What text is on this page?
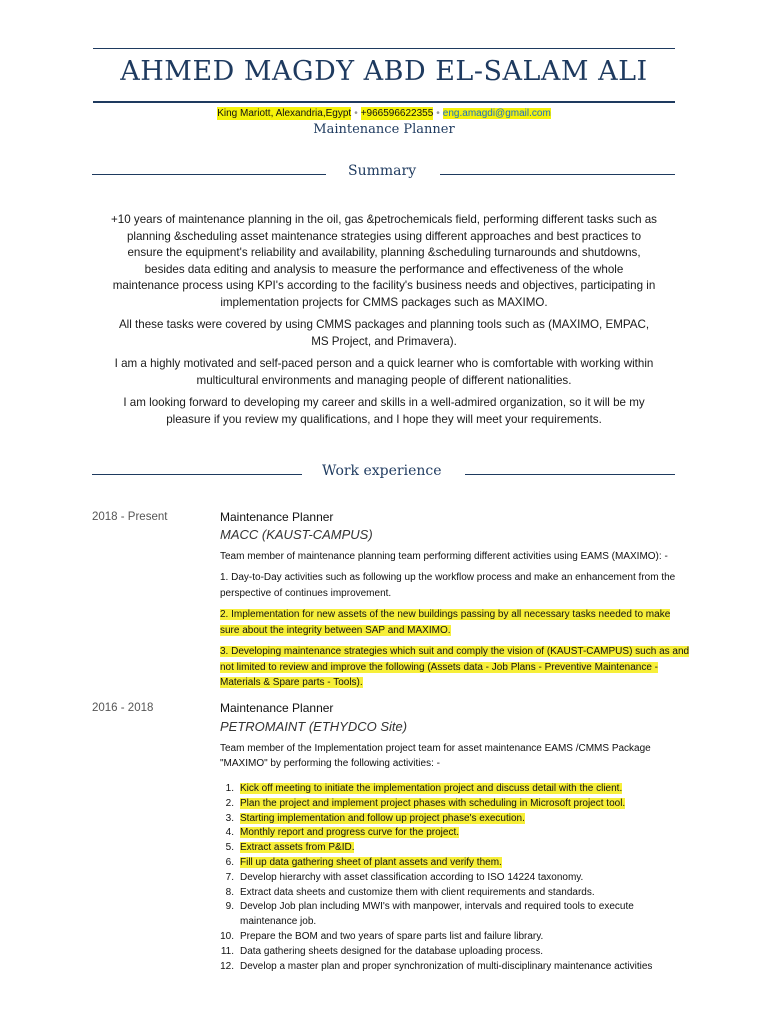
AHMED MAGDY ABD EL-SALAM ALI
King Mariott, Alexandria,Egypt • +966596622355 • eng.amagdi@gmail.com
Maintenance Planner
Summary

+10 years of maintenance planning in the oil, gas &petrochemicals field, performing different tasks such as planning &scheduling asset maintenance strategies using different approaches and best practices to ensure the equipment's reliability and availability, planning &scheduling turnarounds and shutdowns, besides data editing and analysis to measure the performance and effectiveness of the whole maintenance process using KPI's according to the facility's business needs and objectives, participating in implementation projects for CMMS packages such as MAXIMO.

All these tasks were covered by using CMMS packages and planning tools such as (MAXIMO, EMPAC, MS Project, and Primavera).

I am a highly motivated and self-paced person and a quick learner who is comfortable with working within multicultural environments and managing people of different nationalities.

I am looking forward to developing my career and skills in a well-admired organization, so it will be my pleasure if you review my qualifications, and I hope they will meet your requirements.

Work experience
2018 - Present	Maintenance Planner
MACC (KAUST-CAMPUS)
Team member of maintenance planning team performing different activities using EAMS (MAXIMO): -
1. Day-to-Day activities such as following up the workflow process and make an enhancement from the perspective of continues improvement.
2. Implementation for new assets of the new buildings passing by all necessary tasks needed to make sure about the integrity between SAP and MAXIMO.
3. Developing maintenance strategies which suit and comply the vision of (KAUST-CAMPUS) such as and not limited to review and improve the following (Assets data - Job Plans - Preventive Maintenance - Materials & Spare parts - Tools).
2016 - 2018	Maintenance Planner
PETROMAINT (ETHYDCO Site)
Team member of the Implementation project team for asset maintenance EAMS /CMMS Package "MAXIMO" by performing the following activities: -
1. Kick off meeting to initiate the implementation project and discuss detail with the client.
2. Plan the project and implement project phases with scheduling in Microsoft project tool.
3. Starting implementation and follow up project phase's execution.
4. Monthly report and progress curve for the project.
5. Extract assets from P&ID.
6. Fill up data gathering sheet of plant assets and verify them.
7. Develop hierarchy with asset classification according to ISO 14224 taxonomy.
8. Extract data sheets and customize them with client requirements and standards.
9. Develop Job plan including MWI's with manpower, intervals and required tools to execute maintenance job.
10. Prepare the BOM and two years of spare parts list and failure library.
11. Data gathering sheets designed for the database uploading process.
12. Develop a master plan and proper synchronization of multi-disciplinary maintenance activities
